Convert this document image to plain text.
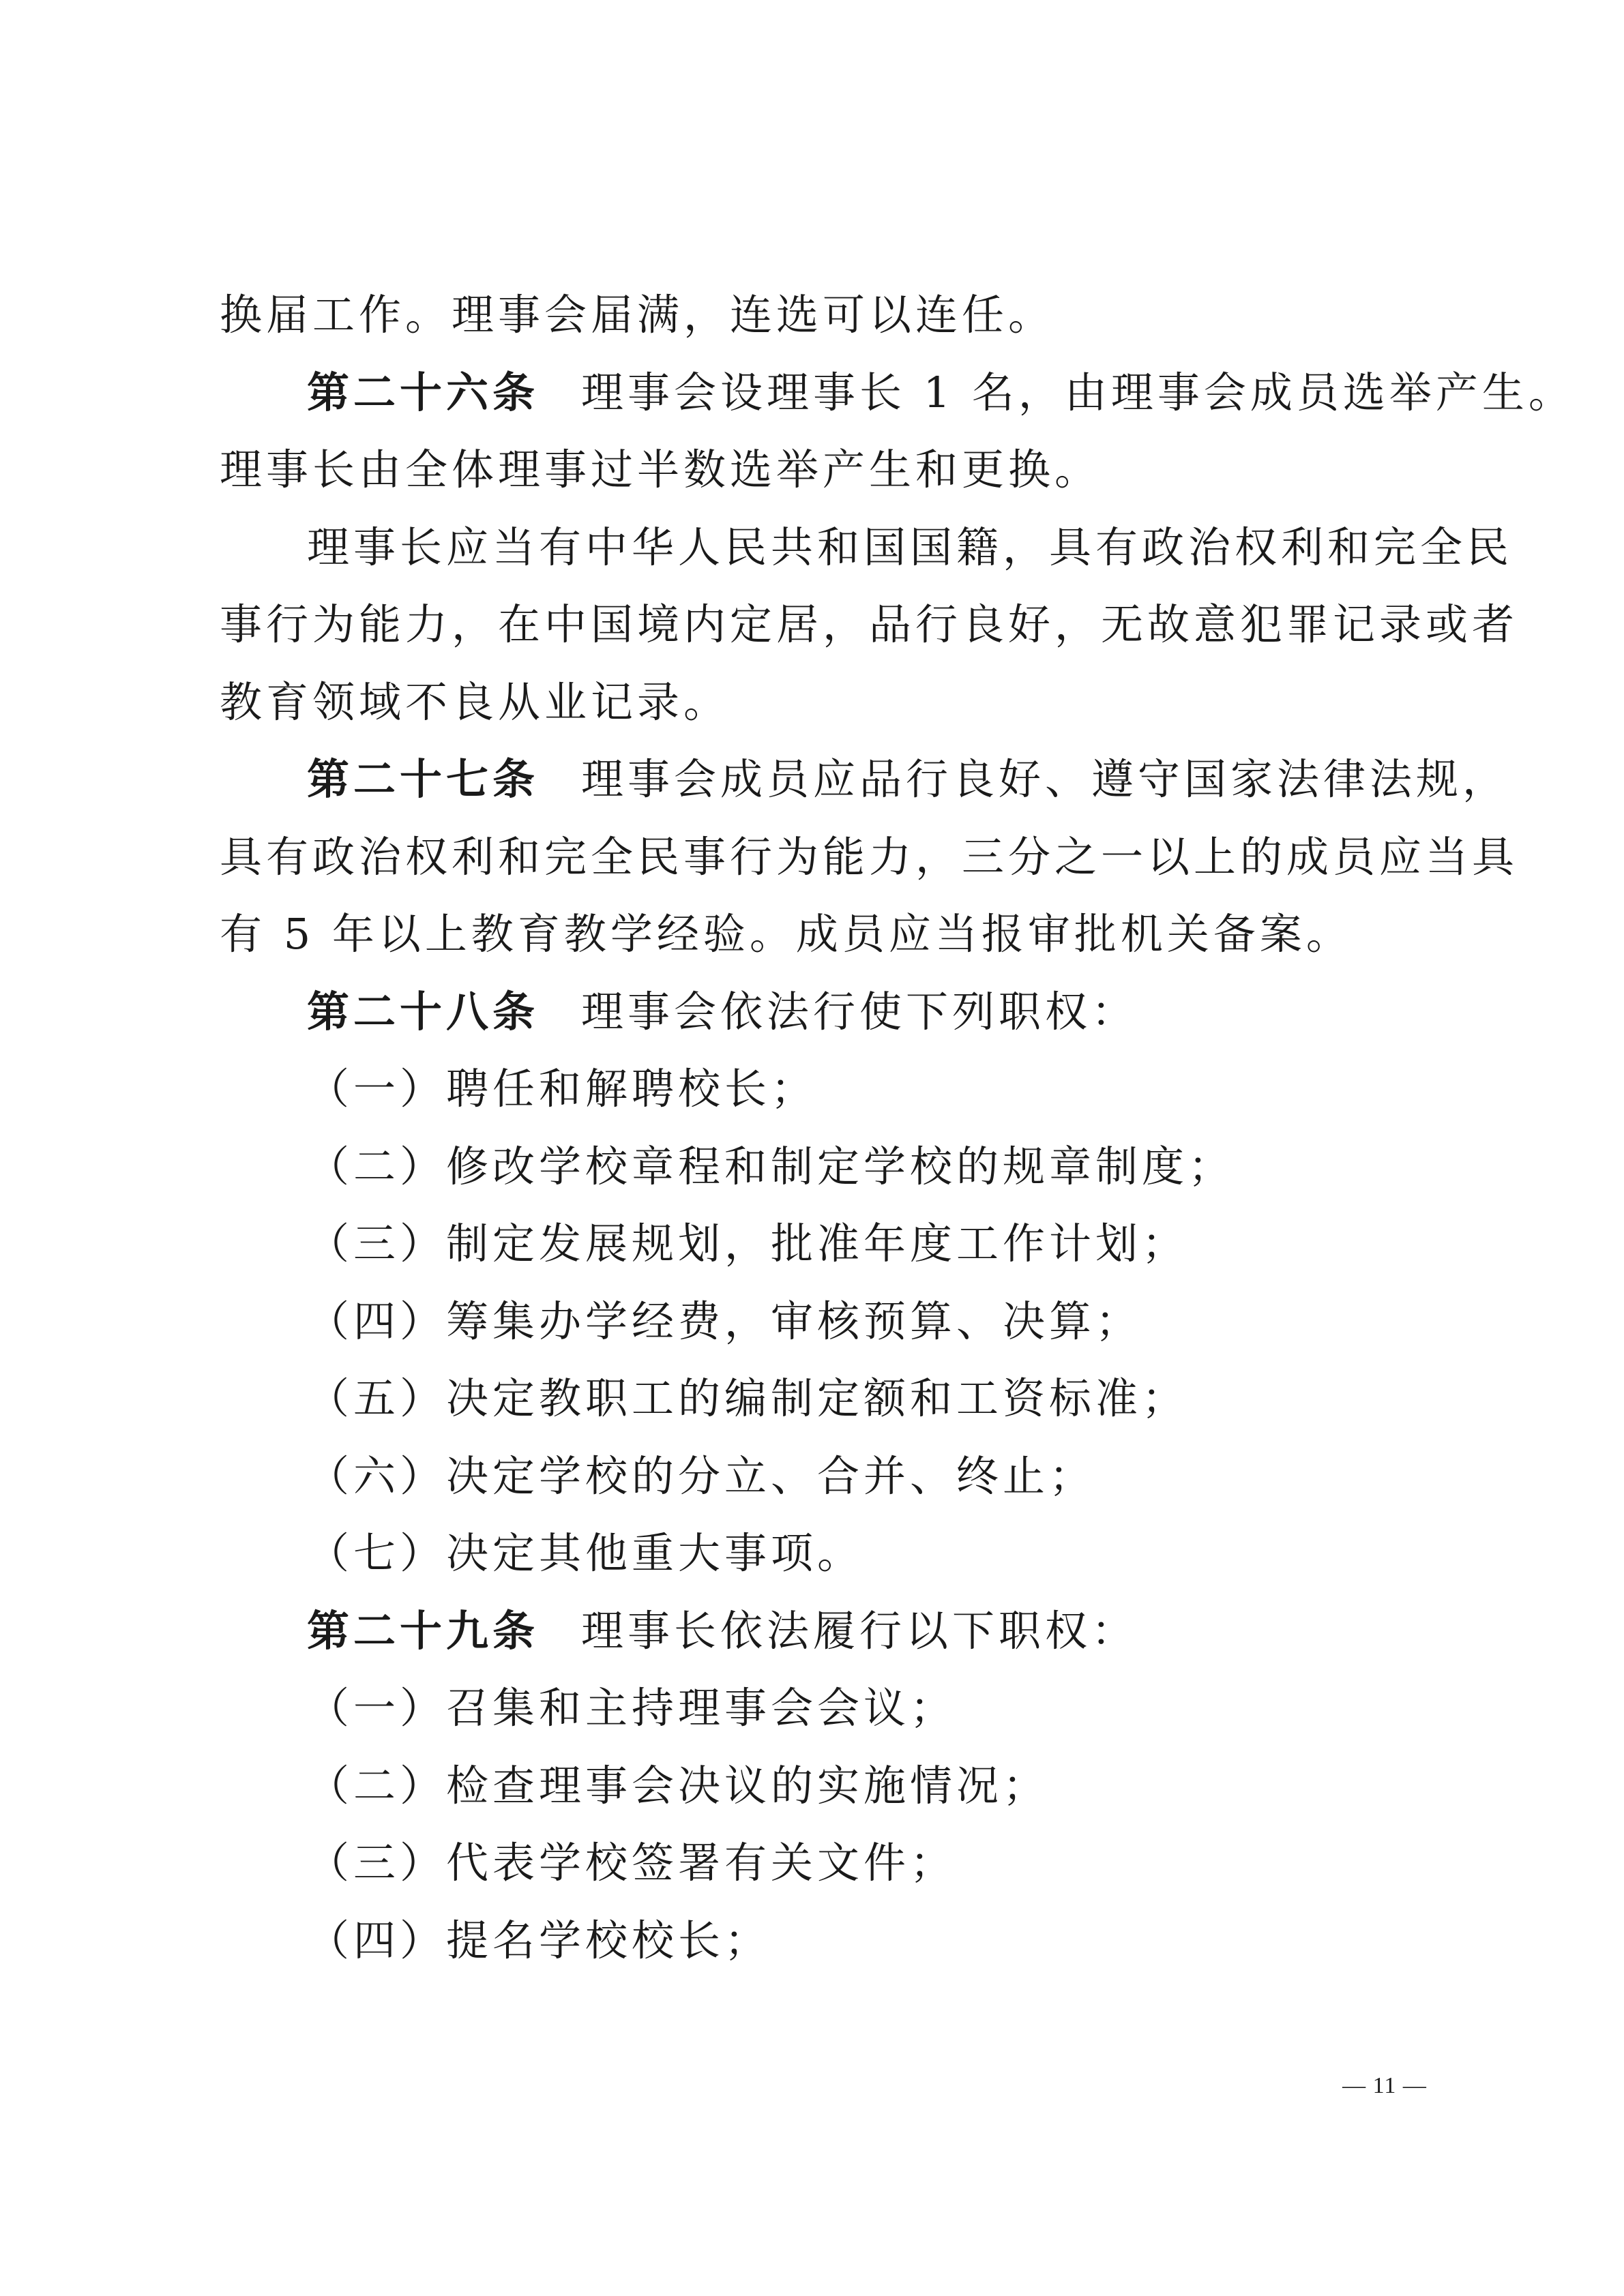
换届工作。理事会届满，连选可以连任。
第二十六条 理事会设理事长 1 名，由理事会成员选举产生。
理事长由全体理事过半数选举产生和更换。
理事长应当有中华人民共和国国籍，具有政治权利和完全民
事行为能力，在中国境内定居，品行良好，无故意犯罪记录或者
教育领域不良从业记录。
第二十七条 理事会成员应品行良好、遵守国家法律法规，
具有政治权利和完全民事行为能力，三分之一以上的成员应当具
有 5 年以上教育教学经验。成员应当报审批机关备案。
第二十八条 理事会依法行使下列职权：
（一）聘任和解聘校长；
（二）修改学校章程和制定学校的规章制度；
（三）制定发展规划，批准年度工作计划；
（四）筹集办学经费，审核预算、决算；
（五）决定教职工的编制定额和工资标准；
（六）决定学校的分立、合并、终止；
（七）决定其他重大事项。
第二十九条 理事长依法履行以下职权：
（一）召集和主持理事会会议；
（二）检查理事会决议的实施情况；
（三）代表学校签署有关文件；
（四）提名学校校长；
— 11 —
